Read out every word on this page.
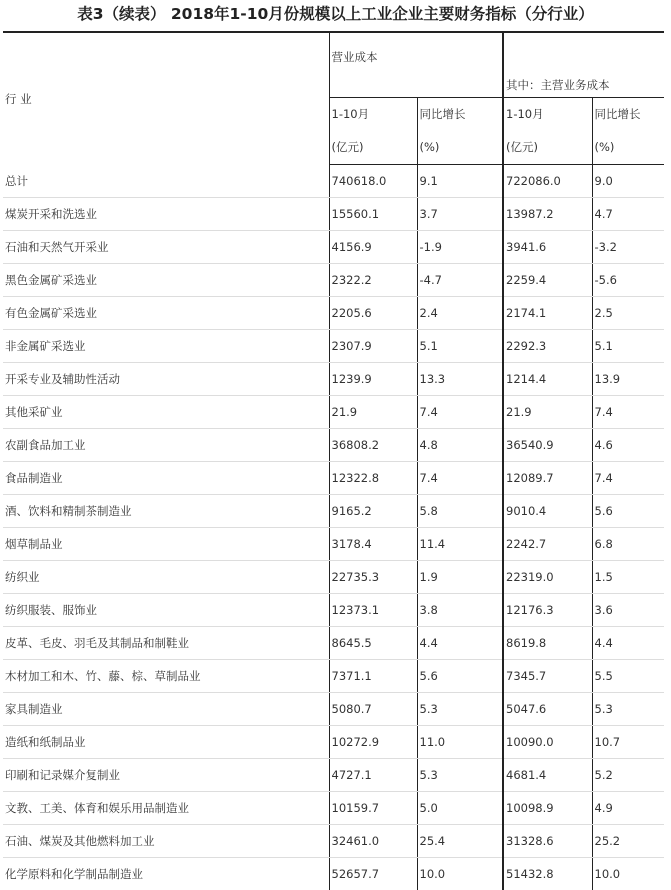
表3（续表） 2018年1-10月份规模以上工业企业主要财务指标（分行业）
行 业	营业成本		其中：主营业务成本	
	1-10月	同比增长	1-10月	同比增长
	(亿元)	(%)	(亿元)	(%)
总计	740618.0	9.1	722086.0	9.0
煤炭开采和洗选业	15560.1	3.7	13987.2	4.7
石油和天然气开采业	4156.9	-1.9	3941.6	-3.2
黑色金属矿采选业	2322.2	-4.7	2259.4	-5.6
有色金属矿采选业	2205.6	2.4	2174.1	2.5
非金属矿采选业	2307.9	5.1	2292.3	5.1
开采专业及辅助性活动	1239.9	13.3	1214.4	13.9
其他采矿业	21.9	7.4	21.9	7.4
农副食品加工业	36808.2	4.8	36540.9	4.6
食品制造业	12322.8	7.4	12089.7	7.4
酒、饮料和精制茶制造业	9165.2	5.8	9010.4	5.6
烟草制品业	3178.4	11.4	2242.7	6.8
纺织业	22735.3	1.9	22319.0	1.5
纺织服装、服饰业	12373.1	3.8	12176.3	3.6
皮革、毛皮、羽毛及其制品和制鞋业	8645.5	4.4	8619.8	4.4
木材加工和木、竹、藤、棕、草制品业	7371.1	5.6	7345.7	5.5
家具制造业	5080.7	5.3	5047.6	5.3
造纸和纸制品业	10272.9	11.0	10090.0	10.7
印刷和记录媒介复制业	4727.1	5.3	4681.4	5.2
文教、工美、体育和娱乐用品制造业	10159.7	5.0	10098.9	4.9
石油、煤炭及其他燃料加工业	32461.0	25.4	31328.6	25.2
化学原料和化学制品制造业	52657.7	10.0	51432.8	10.0
